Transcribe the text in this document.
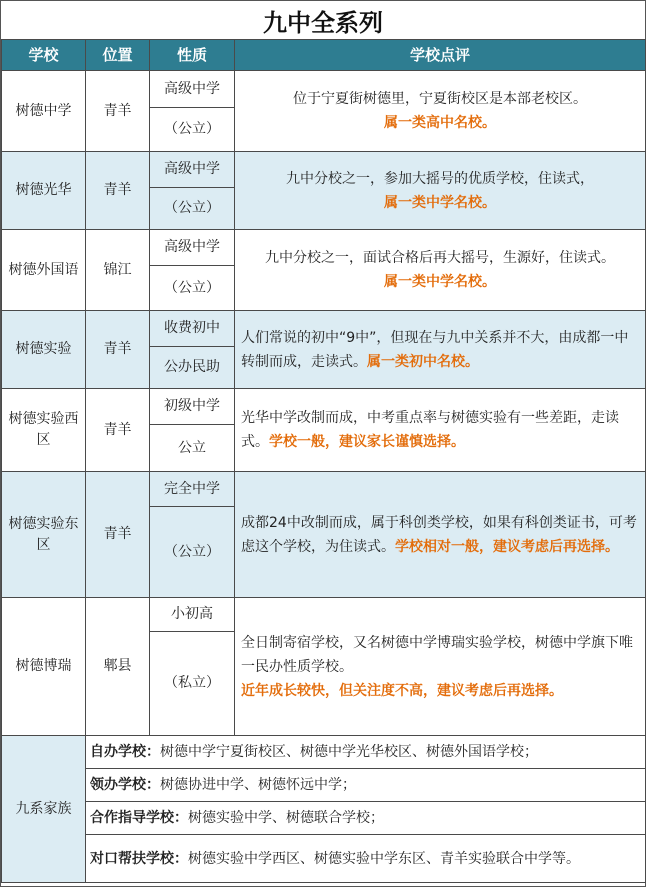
九中全系列
学校	位置	性质	学校点评
树德中学	青羊	高级中学	位于宁夏街树德里，宁夏街校区是本部老校区。
属一类高中名校。

		（公立）	
树德光华	青羊	高级中学	九中分校之一，参加大摇号的优质学校，住读式，
属一类中学名校。

		（公立）	
树德外国语	锦江	高级中学	九中分校之一，面试合格后再大摇号，生源好，住读式。
属一类中学名校。

		（公立）	
树德实验	青羊	收费初中	人们常说的初中“9中”，但现在与九中关系并不大，由成都一中转制而成，走读式。属一类初中名校。
		公办民助	
树德实验西区	青羊	初级中学	光华中学改制而成，中考重点率与树德实验有一些差距，走读式。学校一般，建议家长谨慎选择。
		公立	
树德实验东区	青羊	完全中学	成都24中改制而成，属于科创类学校，如果有科创类证书，可考虑这个学校，为住读式。学校相对一般，建议考虑后再选择。
		（公立）	
树德博瑞	郫县	小初高	全日制寄宿学校，又名树德中学博瑞实验学校，树德中学旗下唯一民办性质学校。
近年成长较快，但关注度不高，建议考虑后再选择。
		（私立）	
九系家族	自办学校：树德中学宁夏街校区、树德中学光华校区、树德外国语学校；		
	领办学校：树德协进中学、树德怀远中学；		
	合作指导学校：树德实验中学、树德联合学校；		
	对口帮扶学校：树德实验中学西区、树德实验中学东区、青羊实验联合中学等。		
